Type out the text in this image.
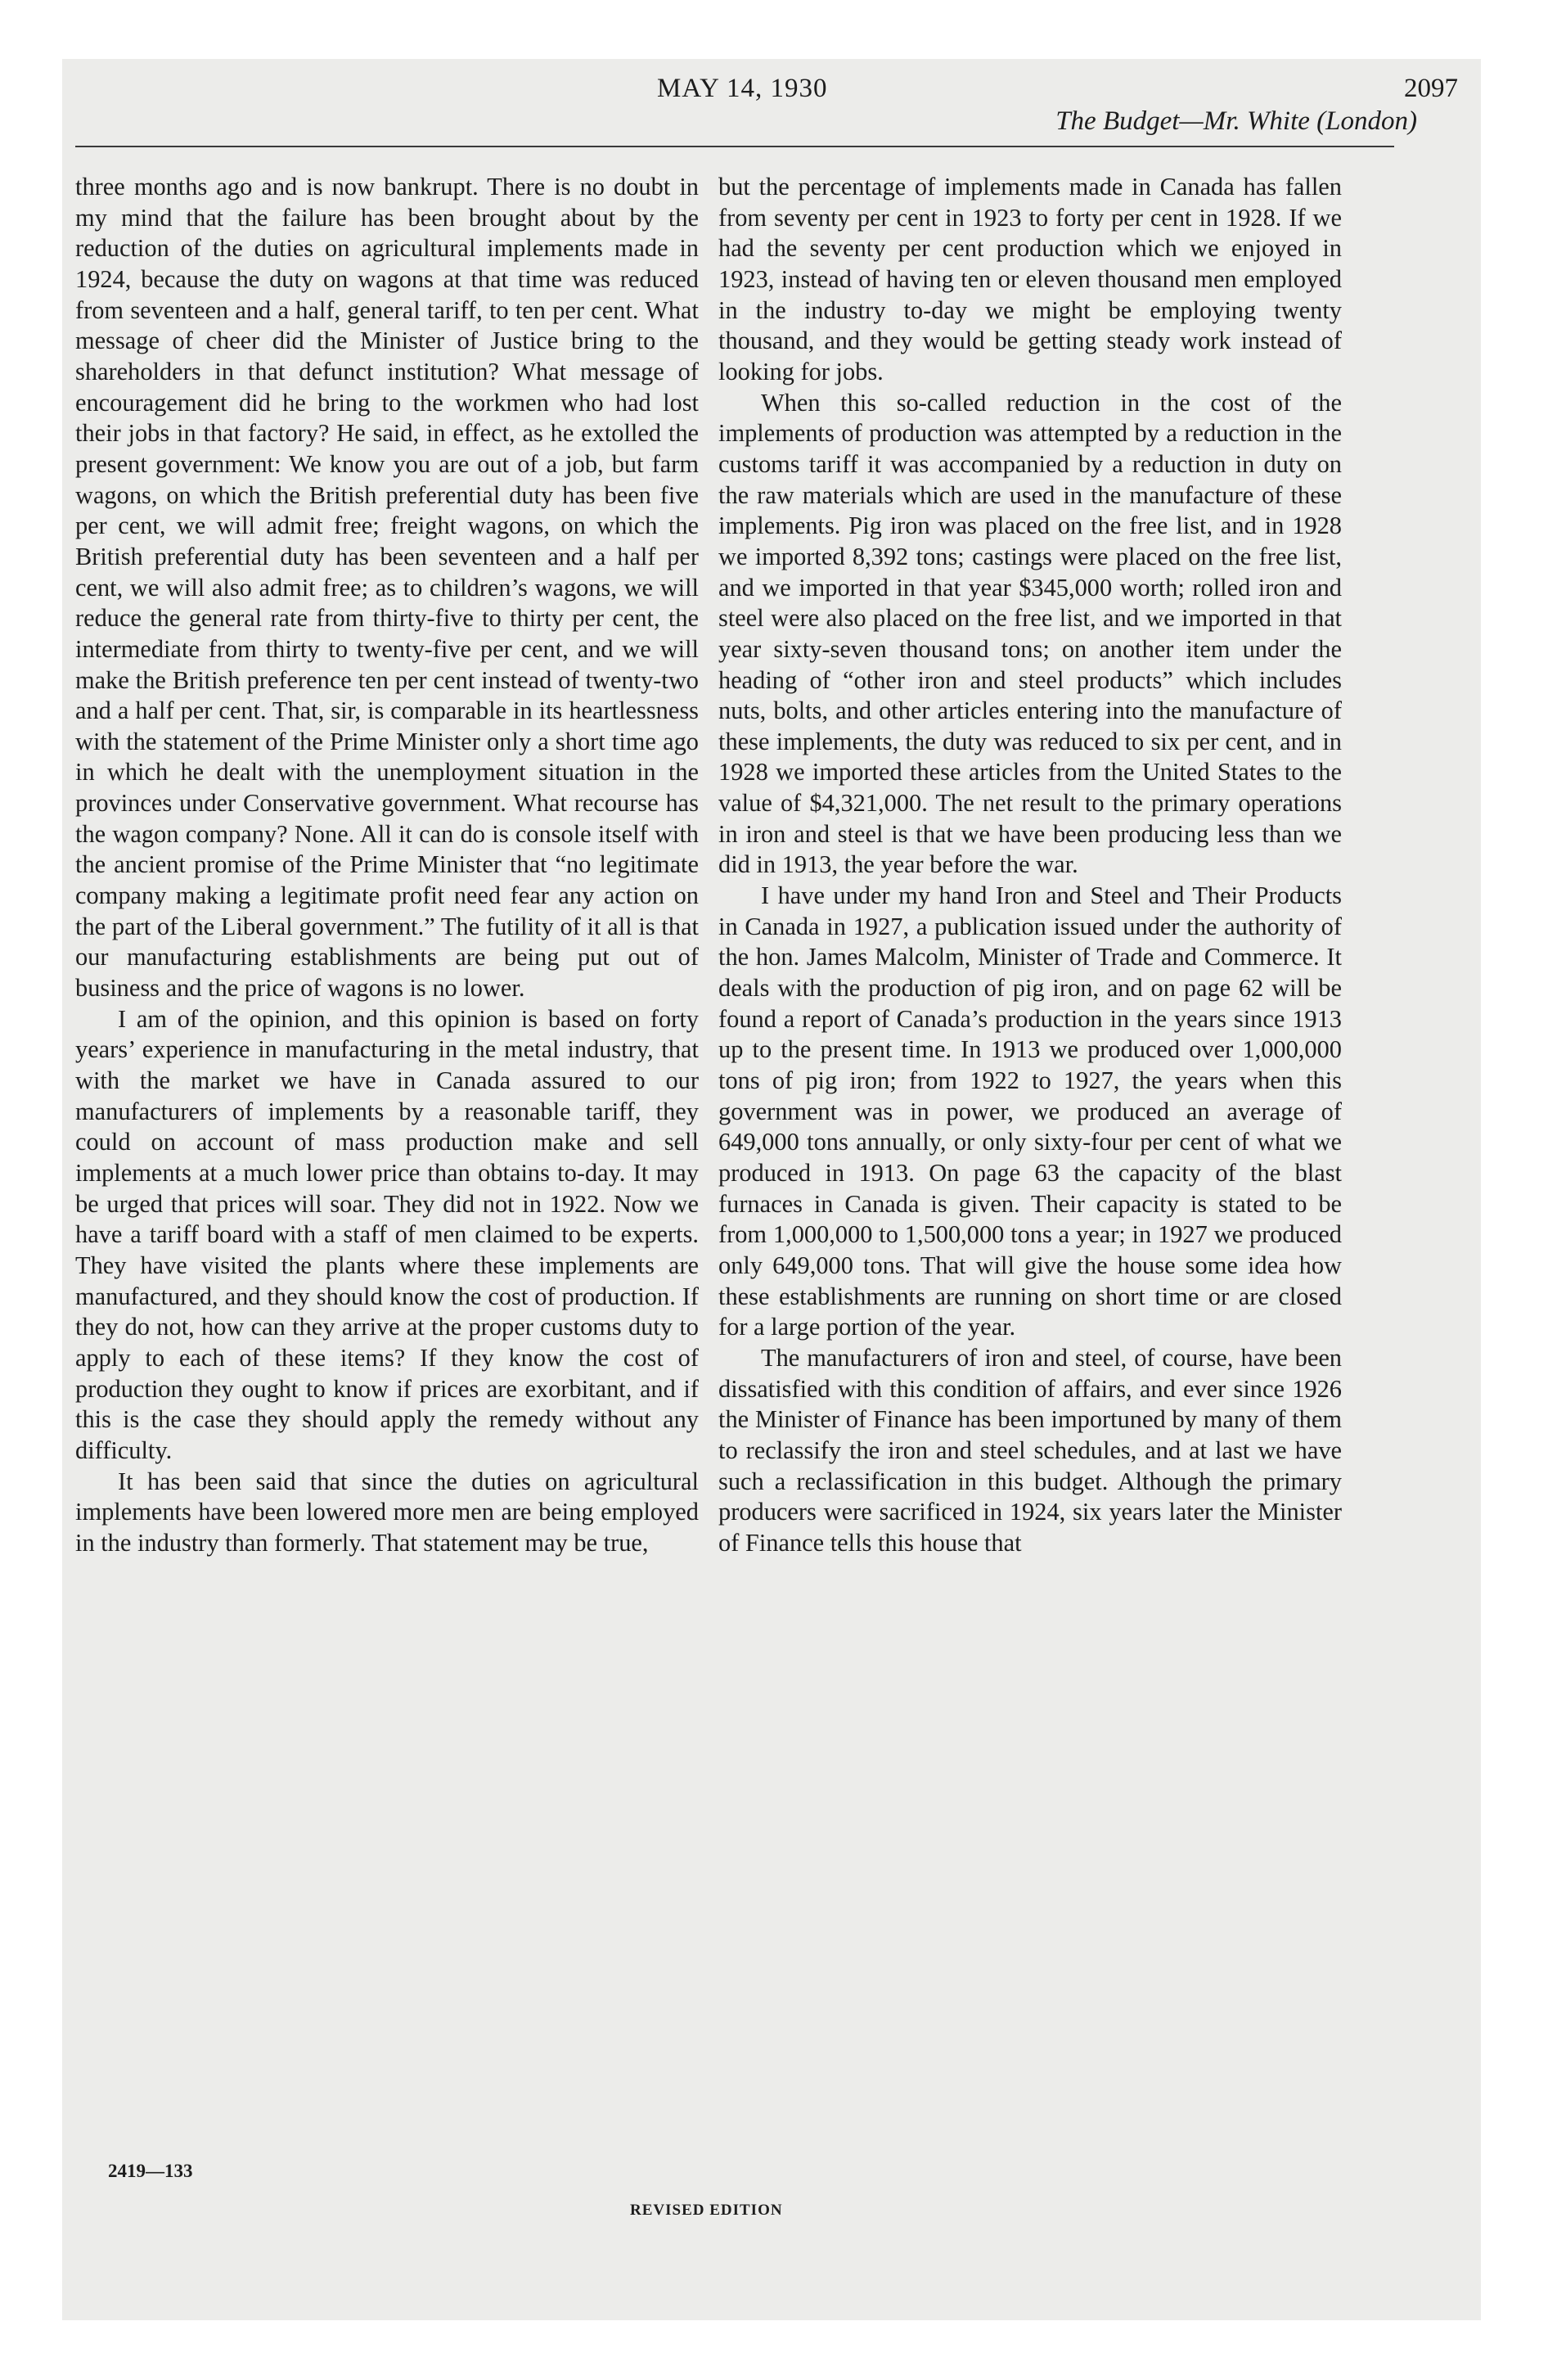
MAY 14, 1930	2097
The Budget—Mr. White (London)

three months ago and is now bankrupt. There is no doubt in my mind that the failure has been brought about by the reduction of the duties on agricultural implements made in 1924, because the duty on wagons at that time was reduced from seventeen and a half, general tariff, to ten per cent. What message of cheer did the Minister of Justice bring to the shareholders in that defunct institution? What message of encouragement did he bring to the workmen who had lost their jobs in that factory? He said, in effect, as he extolled the present government: We know you are out of a job, but farm wagons, on which the British preferential duty has been five per cent, we will admit free; freight wagons, on which the British preferential duty has been seventeen and a half per cent, we will also admit free; as to children’s wagons, we will reduce the general rate from thirty-five to thirty per cent, the intermediate from thirty to twenty-five per cent, and we will make the British preference ten per cent instead of twenty-two and a half per cent. That, sir, is comparable in its heartlessness with the statement of the Prime Minister only a short time ago in which he dealt with the unemployment situation in the provinces under Conservative government. What recourse has the wagon company? None. All it can do is console itself with the ancient promise of the Prime Minister that “no legitimate company making a legitimate profit need fear any action on the part of the Liberal government.” The futility of it all is that our manufacturing establishments are being put out of business and the price of wagons is no lower.

I am of the opinion, and this opinion is based on forty years’ experience in manufacturing in the metal industry, that with the market we have in Canada assured to our manufacturers of implements by a reasonable tariff, they could on account of mass production make and sell implements at a much lower price than obtains to-day. It may be urged that prices will soar. They did not in 1922. Now we have a tariff board with a staff of men claimed to be experts. They have visited the plants where these implements are manufactured, and they should know the cost of production. If they do not, how can they arrive at the proper customs duty to apply to each of these items? If they know the cost of production they ought to know if prices are exorbitant, and if this is the case they should apply the remedy without any difficulty.

It has been said that since the duties on agricultural implements have been lowered more men are being employed in the industry than formerly. That statement may be true,

but the percentage of implements made in Canada has fallen from seventy per cent in 1923 to forty per cent in 1928. If we had the seventy per cent production which we enjoyed in 1923, instead of having ten or eleven thousand men employed in the industry to-day we might be employing twenty thousand, and they would be getting steady work instead of looking for jobs.

When this so-called reduction in the cost of the implements of production was attempted by a reduction in the customs tariff it was accompanied by a reduction in duty on the raw materials which are used in the manufacture of these implements. Pig iron was placed on the free list, and in 1928 we imported 8,392 tons; castings were placed on the free list, and we imported in that year $345,000 worth; rolled iron and steel were also placed on the free list, and we imported in that year sixty-seven thousand tons; on another item under the heading of “other iron and steel products” which includes nuts, bolts, and other articles entering into the manufacture of these implements, the duty was reduced to six per cent, and in 1928 we imported these articles from the United States to the value of $4,321,000. The net result to the primary operations in iron and steel is that we have been producing less than we did in 1913, the year before the war.

I have under my hand Iron and Steel and Their Products in Canada in 1927, a publication issued under the authority of the hon. James Malcolm, Minister of Trade and Commerce. It deals with the production of pig iron, and on page 62 will be found a report of Canada’s production in the years since 1913 up to the present time. In 1913 we produced over 1,000,000 tons of pig iron; from 1922 to 1927, the years when this government was in power, we produced an average of 649,000 tons annually, or only sixty-four per cent of what we produced in 1913. On page 63 the capacity of the blast furnaces in Canada is given. Their capacity is stated to be from 1,000,000 to 1,500,000 tons a year; in 1927 we produced only 649,000 tons. That will give the house some idea how these establishments are running on short time or are closed for a large portion of the year.

The manufacturers of iron and steel, of course, have been dissatisfied with this condition of affairs, and ever since 1926 the Minister of Finance has been importuned by many of them to reclassify the iron and steel schedules, and at last we have such a reclassification in this budget. Although the primary producers were sacrificed in 1924, six years later the Minister of Finance tells this house that

2419—133
REVISED EDITION
